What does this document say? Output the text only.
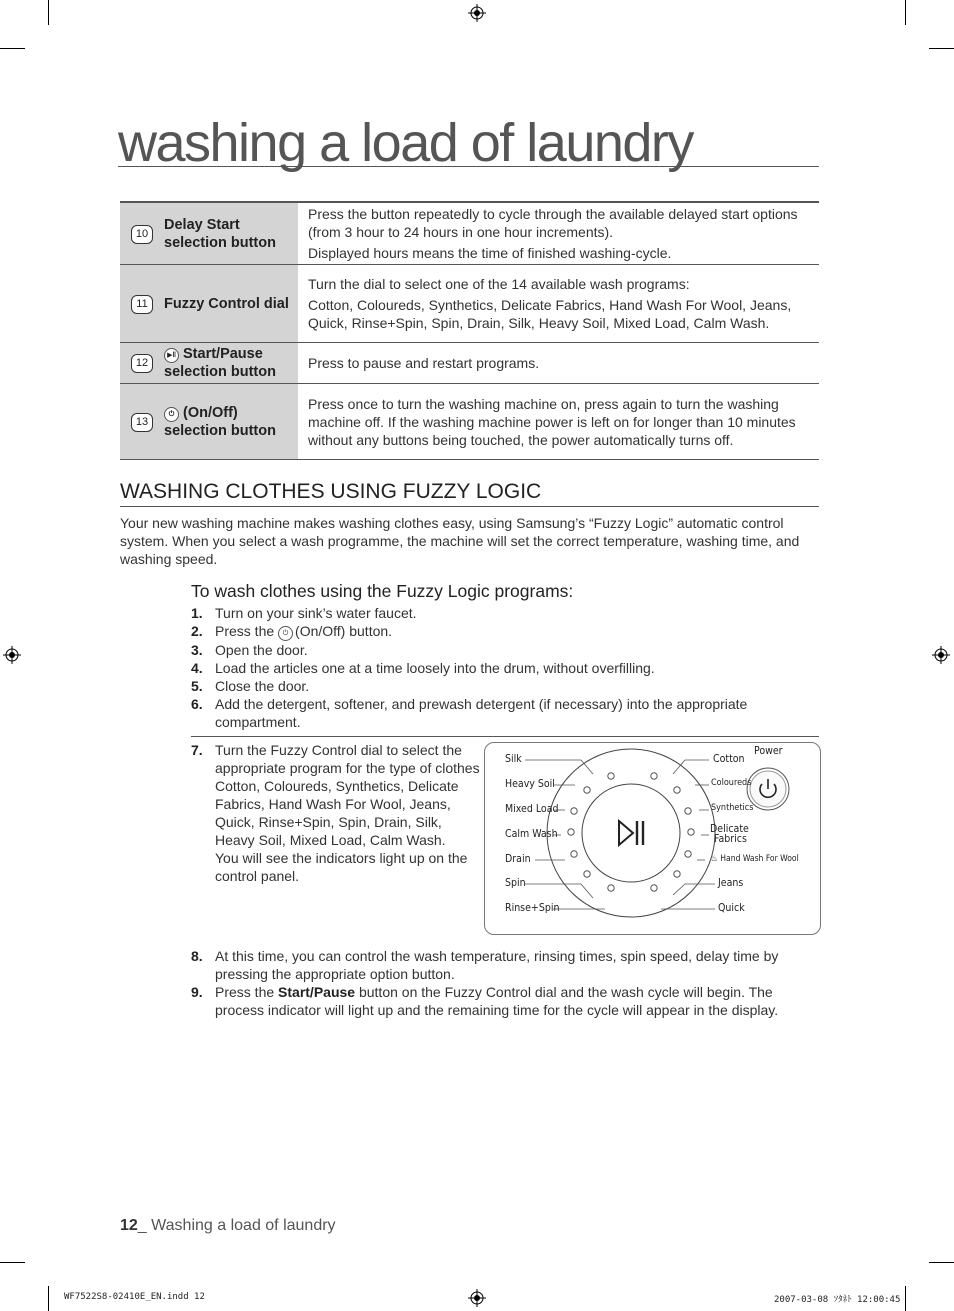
washing a load of laundry
10	Delay Start selection button	Press the button repeatedly to cycle through the available delayed start options (from 3 hour to 24 hours in one hour increments).

Displayed hours means the time of finished washing-cycle.

11	Fuzzy Control dial	Turn the dial to select one of the 14 available wash programs:

Cotton, Coloureds, Synthetics, Delicate Fabrics, Hand Wash For Wool, Jeans, Quick, Rinse+Spin, Spin, Drain, Silk, Heavy Soil, Mixed Load, Calm Wash.

12	▶‖ Start/Pause selection button	Press to pause and restart programs.

13	⏻ (On/Off) selection button	Press once to turn the washing machine on, press again to turn the washing machine off. If the washing machine power is left on for longer than 10 minutes without any buttons being touched, the power automatically turns off.

WASHING CLOTHES USING FUZZY LOGIC
Your new washing machine makes washing clothes easy, using Samsung’s “Fuzzy Logic” automatic control system. When you select a wash programme, the machine will set the correct temperature, washing time, and washing speed.
To wash clothes using the Fuzzy Logic programs:
1. Turn on your sink’s water faucet.
2. Press the ⏻ (On/Off) button.
3. Open the door.
4. Load the articles one at a time loosely into the drum, without overfilling.
5. Close the door.
6. Add the detergent, softener, and prewash detergent (if necessary) into the appropriate compartment.
7. Turn the Fuzzy Control dial to select the appropriate program for the type of clothes Cotton, Coloureds, Synthetics, Delicate Fabrics, Hand Wash For Wool, Jeans, Quick, Rinse+Spin, Spin, Drain, Silk, Heavy Soil, Mixed Load, Calm Wash.
You will see the indicators light up on the control panel.
Silk
Heavy Soil
Mixed Load
Calm Wash
Drain
Spin
Rinse+Spin
Cotton
Coloureds
Synthetics
Delicate
Fabrics
♨ Hand Wash For Wool
Jeans
Quick
Power
8. At this time, you can control the wash temperature, rinsing times, spin speed, delay time by pressing the appropriate option button.
9. Press the Start/Pause button on the Fuzzy Control dial and the wash cycle will begin. The process indicator will light up and the remaining time for the cycle will appear in the display.
12_ Washing a load of laundry
WF7522S8-02410E_EN.indd 12	2007-03-08 ｿﾀﾈﾄ 12:00:45
